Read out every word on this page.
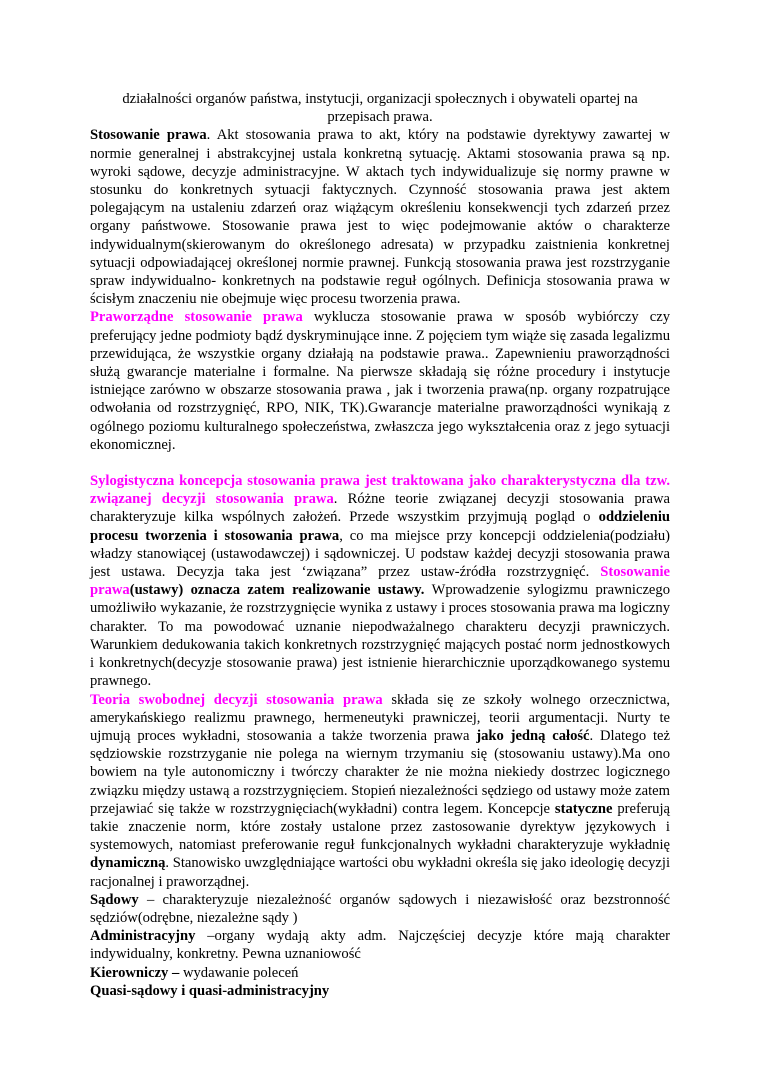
działalności organów państwa, instytucji, organizacji społecznych i obywateli opartej na przepisach prawa.

Stosowanie prawa. Akt stosowania prawa to akt, który na podstawie dyrektywy zawartej w normie generalnej i abstrakcyjnej ustala konkretną sytuację. Aktami stosowania prawa są np. wyroki sądowe, decyzje administracyjne. W aktach tych indywidualizuje się normy prawne w stosunku do konkretnych sytuacji faktycznych. Czynność stosowania prawa jest aktem polegającym na ustaleniu zdarzeń oraz wiążącym określeniu konsekwencji tych zdarzeń przez organy państwowe. Stosowanie prawa jest to więc podejmowanie aktów o charakterze indywidualnym(skierowanym do określonego adresata) w przypadku zaistnienia konkretnej sytuacji odpowiadającej określonej normie prawnej. Funkcją stosowania prawa jest rozstrzyganie spraw indywidualno- konkretnych na podstawie reguł ogólnych. Definicja stosowania prawa w ścisłym znaczeniu nie obejmuje więc procesu tworzenia prawa.

Praworządne stosowanie prawa wyklucza stosowanie prawa w sposób wybiórczy czy preferujący jedne podmioty bądź dyskryminujące inne. Z pojęciem tym wiąże się zasada legalizmu przewidująca, że wszystkie organy działają na podstawie prawa.. Zapewnieniu praworządności służą gwarancje materialne i formalne. Na pierwsze składają się różne procedury i instytucje istniejące zarówno w obszarze stosowania prawa , jak i tworzenia prawa(np. organy rozpatrujące odwołania od rozstrzygnięć, RPO, NIK, TK).Gwarancje materialne praworządności wynikają z ogólnego poziomu kulturalnego społeczeństwa, zwłaszcza jego wykształcenia oraz z jego sytuacji ekonomicznej.

Sylogistyczna koncepcja stosowania prawa jest traktowana jako charakterystyczna dla tzw. związanej decyzji stosowania prawa. Różne teorie związanej decyzji stosowania prawa charakteryzuje kilka wspólnych założeń. Przede wszystkim przyjmują pogląd o oddzieleniu procesu tworzenia i stosowania prawa, co ma miejsce przy koncepcji oddzielenia(podziału) władzy stanowiącej (ustawodawczej) i sądowniczej. U podstaw każdej decyzji stosowania prawa jest ustawa. Decyzja taka jest ‘związana” przez ustaw-źródła rozstrzygnięć. Stosowanie prawa(ustawy) oznacza zatem realizowanie ustawy. Wprowadzenie sylogizmu prawniczego umożliwiło wykazanie, że rozstrzygnięcie wynika z ustawy i proces stosowania prawa ma logiczny charakter. To ma powodować uznanie niepodważalnego charakteru decyzji prawniczych. Warunkiem dedukowania takich konkretnych rozstrzygnięć mających postać norm jednostkowych i konkretnych(decyzje stosowanie prawa) jest istnienie hierarchicznie uporządkowanego systemu prawnego.

Teoria swobodnej decyzji stosowania prawa składa się ze szkoły wolnego orzecznictwa, amerykańskiego realizmu prawnego, hermeneutyki prawniczej, teorii argumentacji. Nurty te ujmują proces wykładni, stosowania a także tworzenia prawa jako jedną całość. Dlatego też sędziowskie rozstrzyganie nie polega na wiernym trzymaniu się (stosowaniu ustawy).Ma ono bowiem na tyle autonomiczny i twórczy charakter że nie można niekiedy dostrzec logicznego związku między ustawą a rozstrzygnięciem. Stopień niezależności sędziego od ustawy może zatem przejawiać się także w rozstrzygnięciach(wykładni) contra legem. Koncepcje statyczne preferują takie znaczenie norm, które zostały ustalone przez zastosowanie dyrektyw językowych i systemowych, natomiast preferowanie reguł funkcjonalnych wykładni charakteryzuje wykładnię dynamiczną. Stanowisko uwzględniające wartości obu wykładni określa się jako ideologię decyzji racjonalnej i praworządnej.

Sądowy – charakteryzuje niezależność organów sądowych i niezawisłość oraz bezstronność sędziów(odrębne, niezależne sądy )

Administracyjny –organy wydają akty adm. Najczęściej decyzje które mają charakter indywidualny, konkretny. Pewna uznaniowość

Kierowniczy – wydawanie poleceń

Quasi-sądowy i quasi-administracyjny
